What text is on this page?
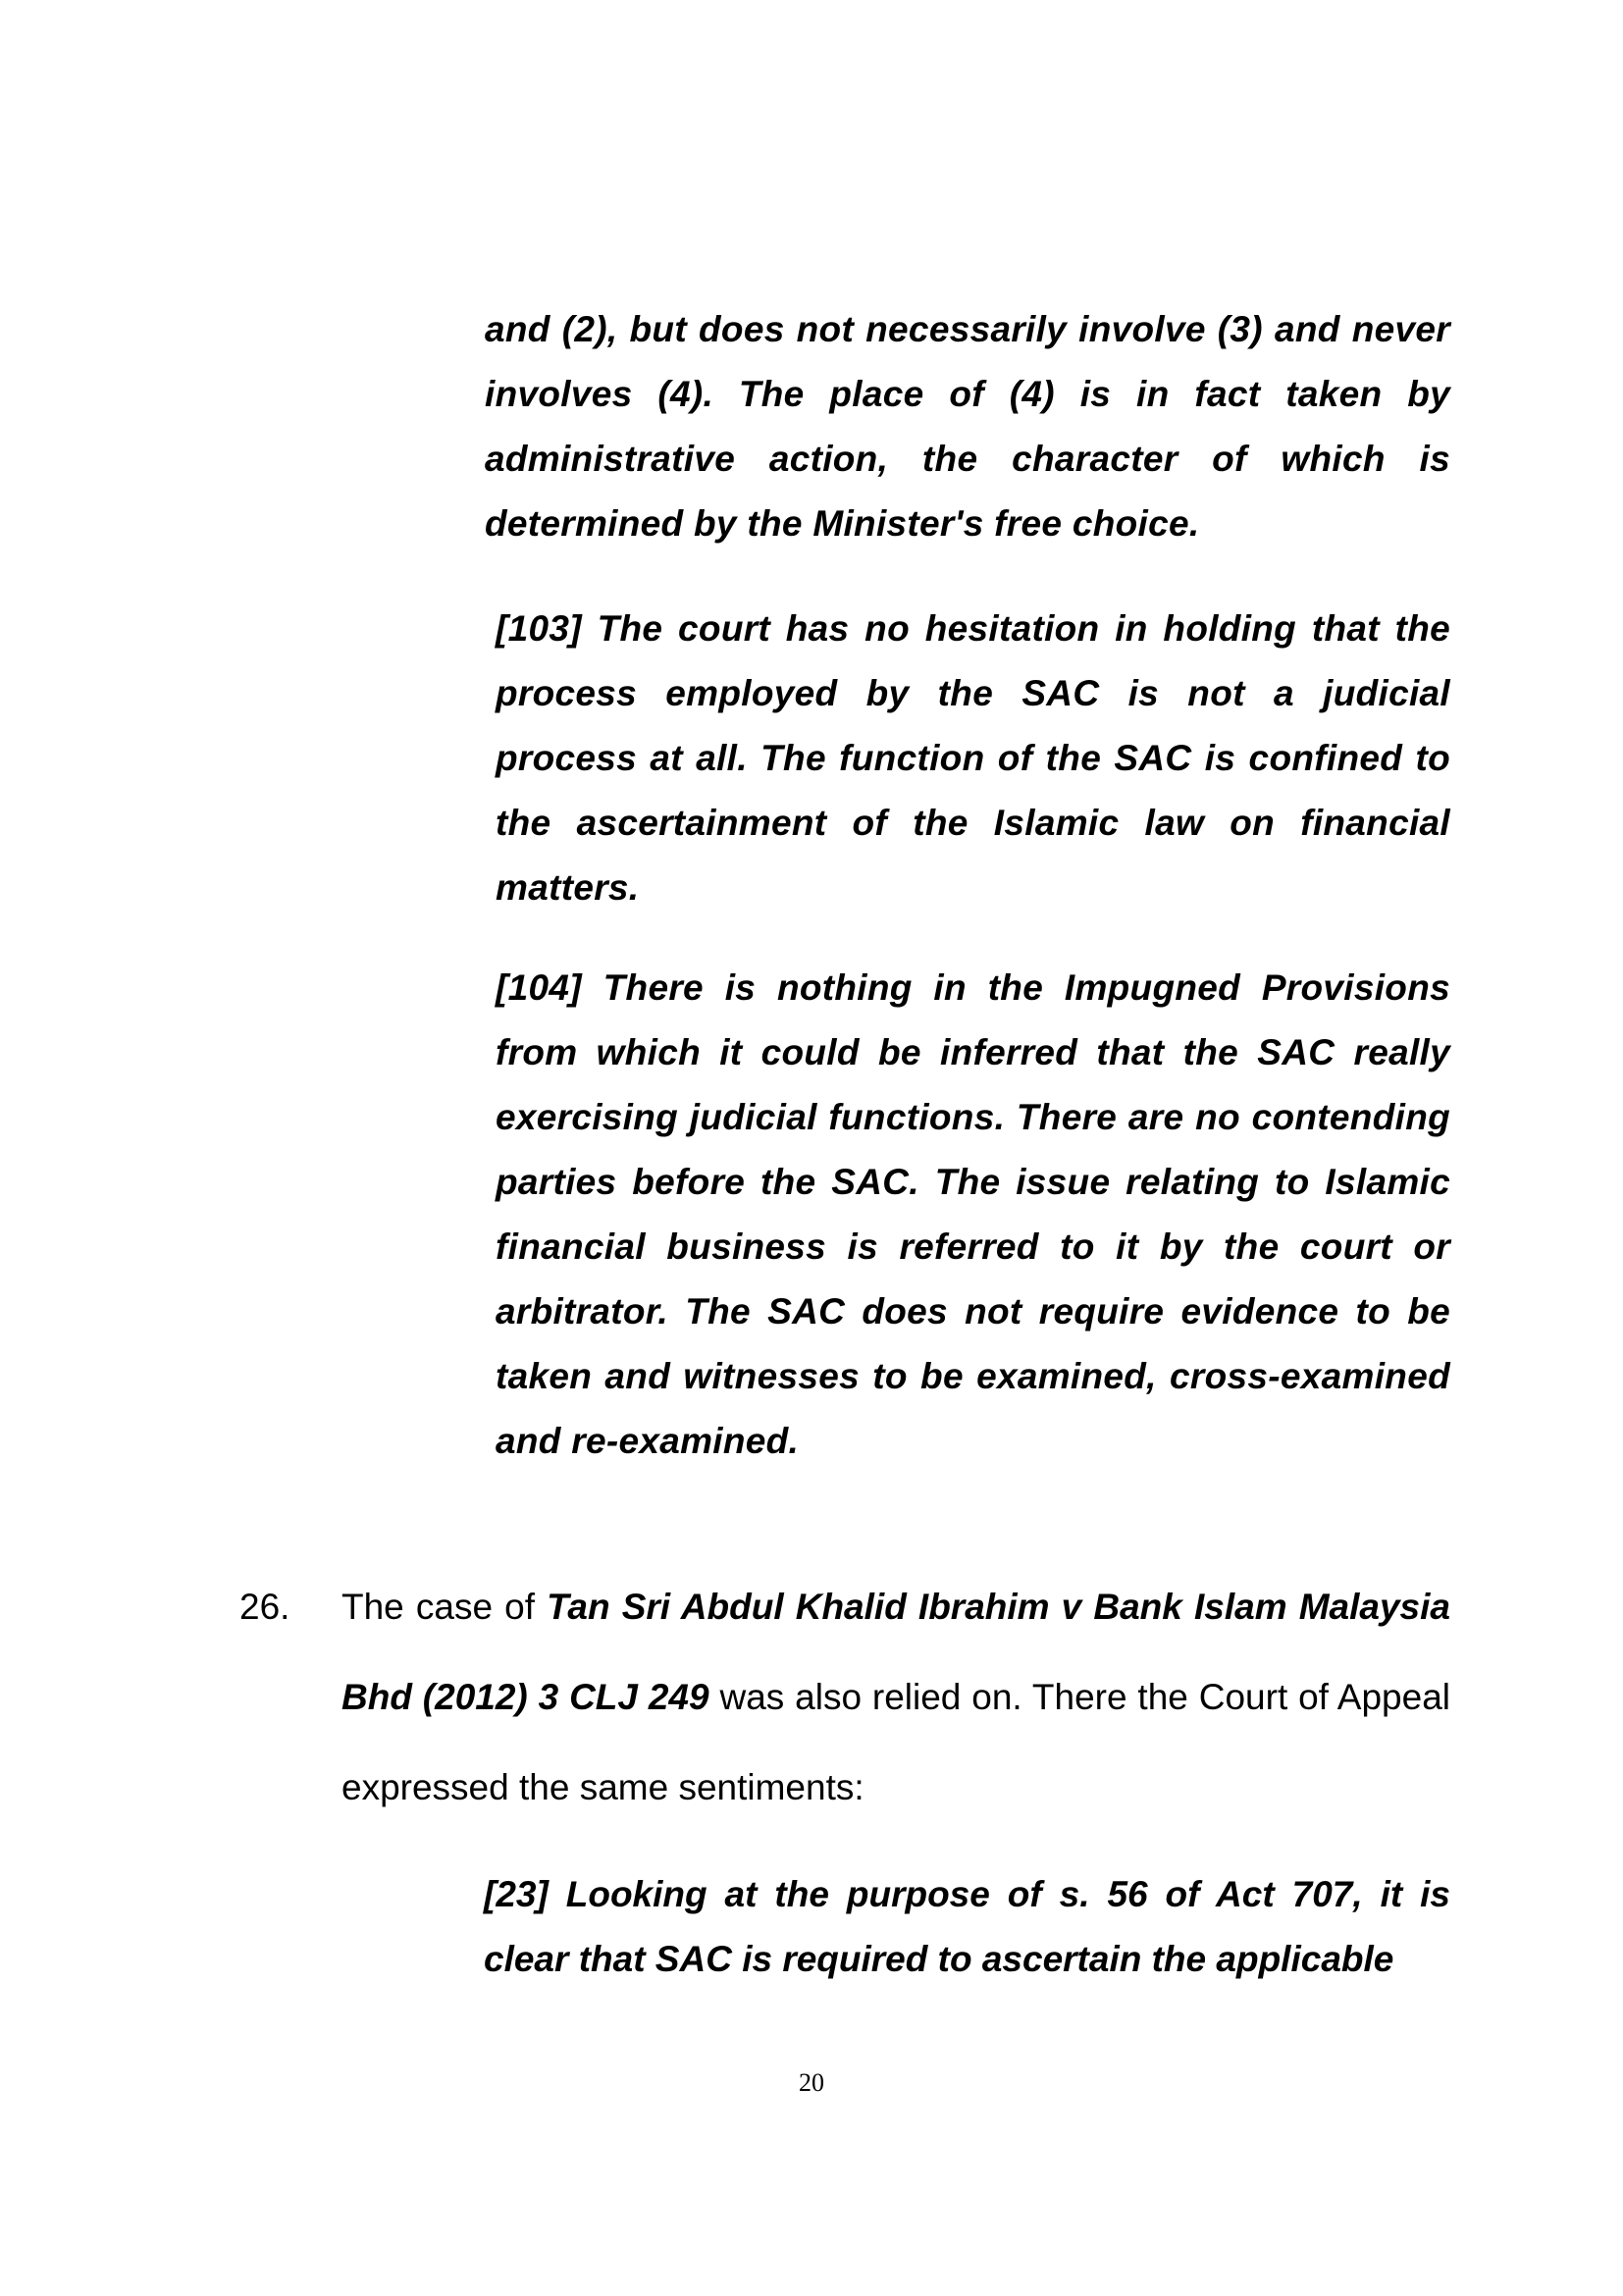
and (2), but does not necessarily involve (3) and never involves (4). The place of (4) is in fact taken by administrative action, the character of which is determined by the Minister's free choice.

[103] The court has no hesitation in holding that the process employed by the SAC is not a judicial process at all. The function of the SAC is confined to the ascertainment of the Islamic law on financial matters.

[104] There is nothing in the Impugned Provisions from which it could be inferred that the SAC really exercising judicial functions. There are no contending parties before the SAC. The issue relating to Islamic financial business is referred to it by the court or arbitrator. The SAC does not require evidence to be taken and witnesses to be examined, cross-examined and re-examined.

26. The case of Tan Sri Abdul Khalid Ibrahim v Bank Islam Malaysia Bhd (2012) 3 CLJ 249 was also relied on. There the Court of Appeal expressed the same sentiments:

[23] Looking at the purpose of s. 56 of Act 707, it is clear that SAC is required to ascertain the applicable

20
